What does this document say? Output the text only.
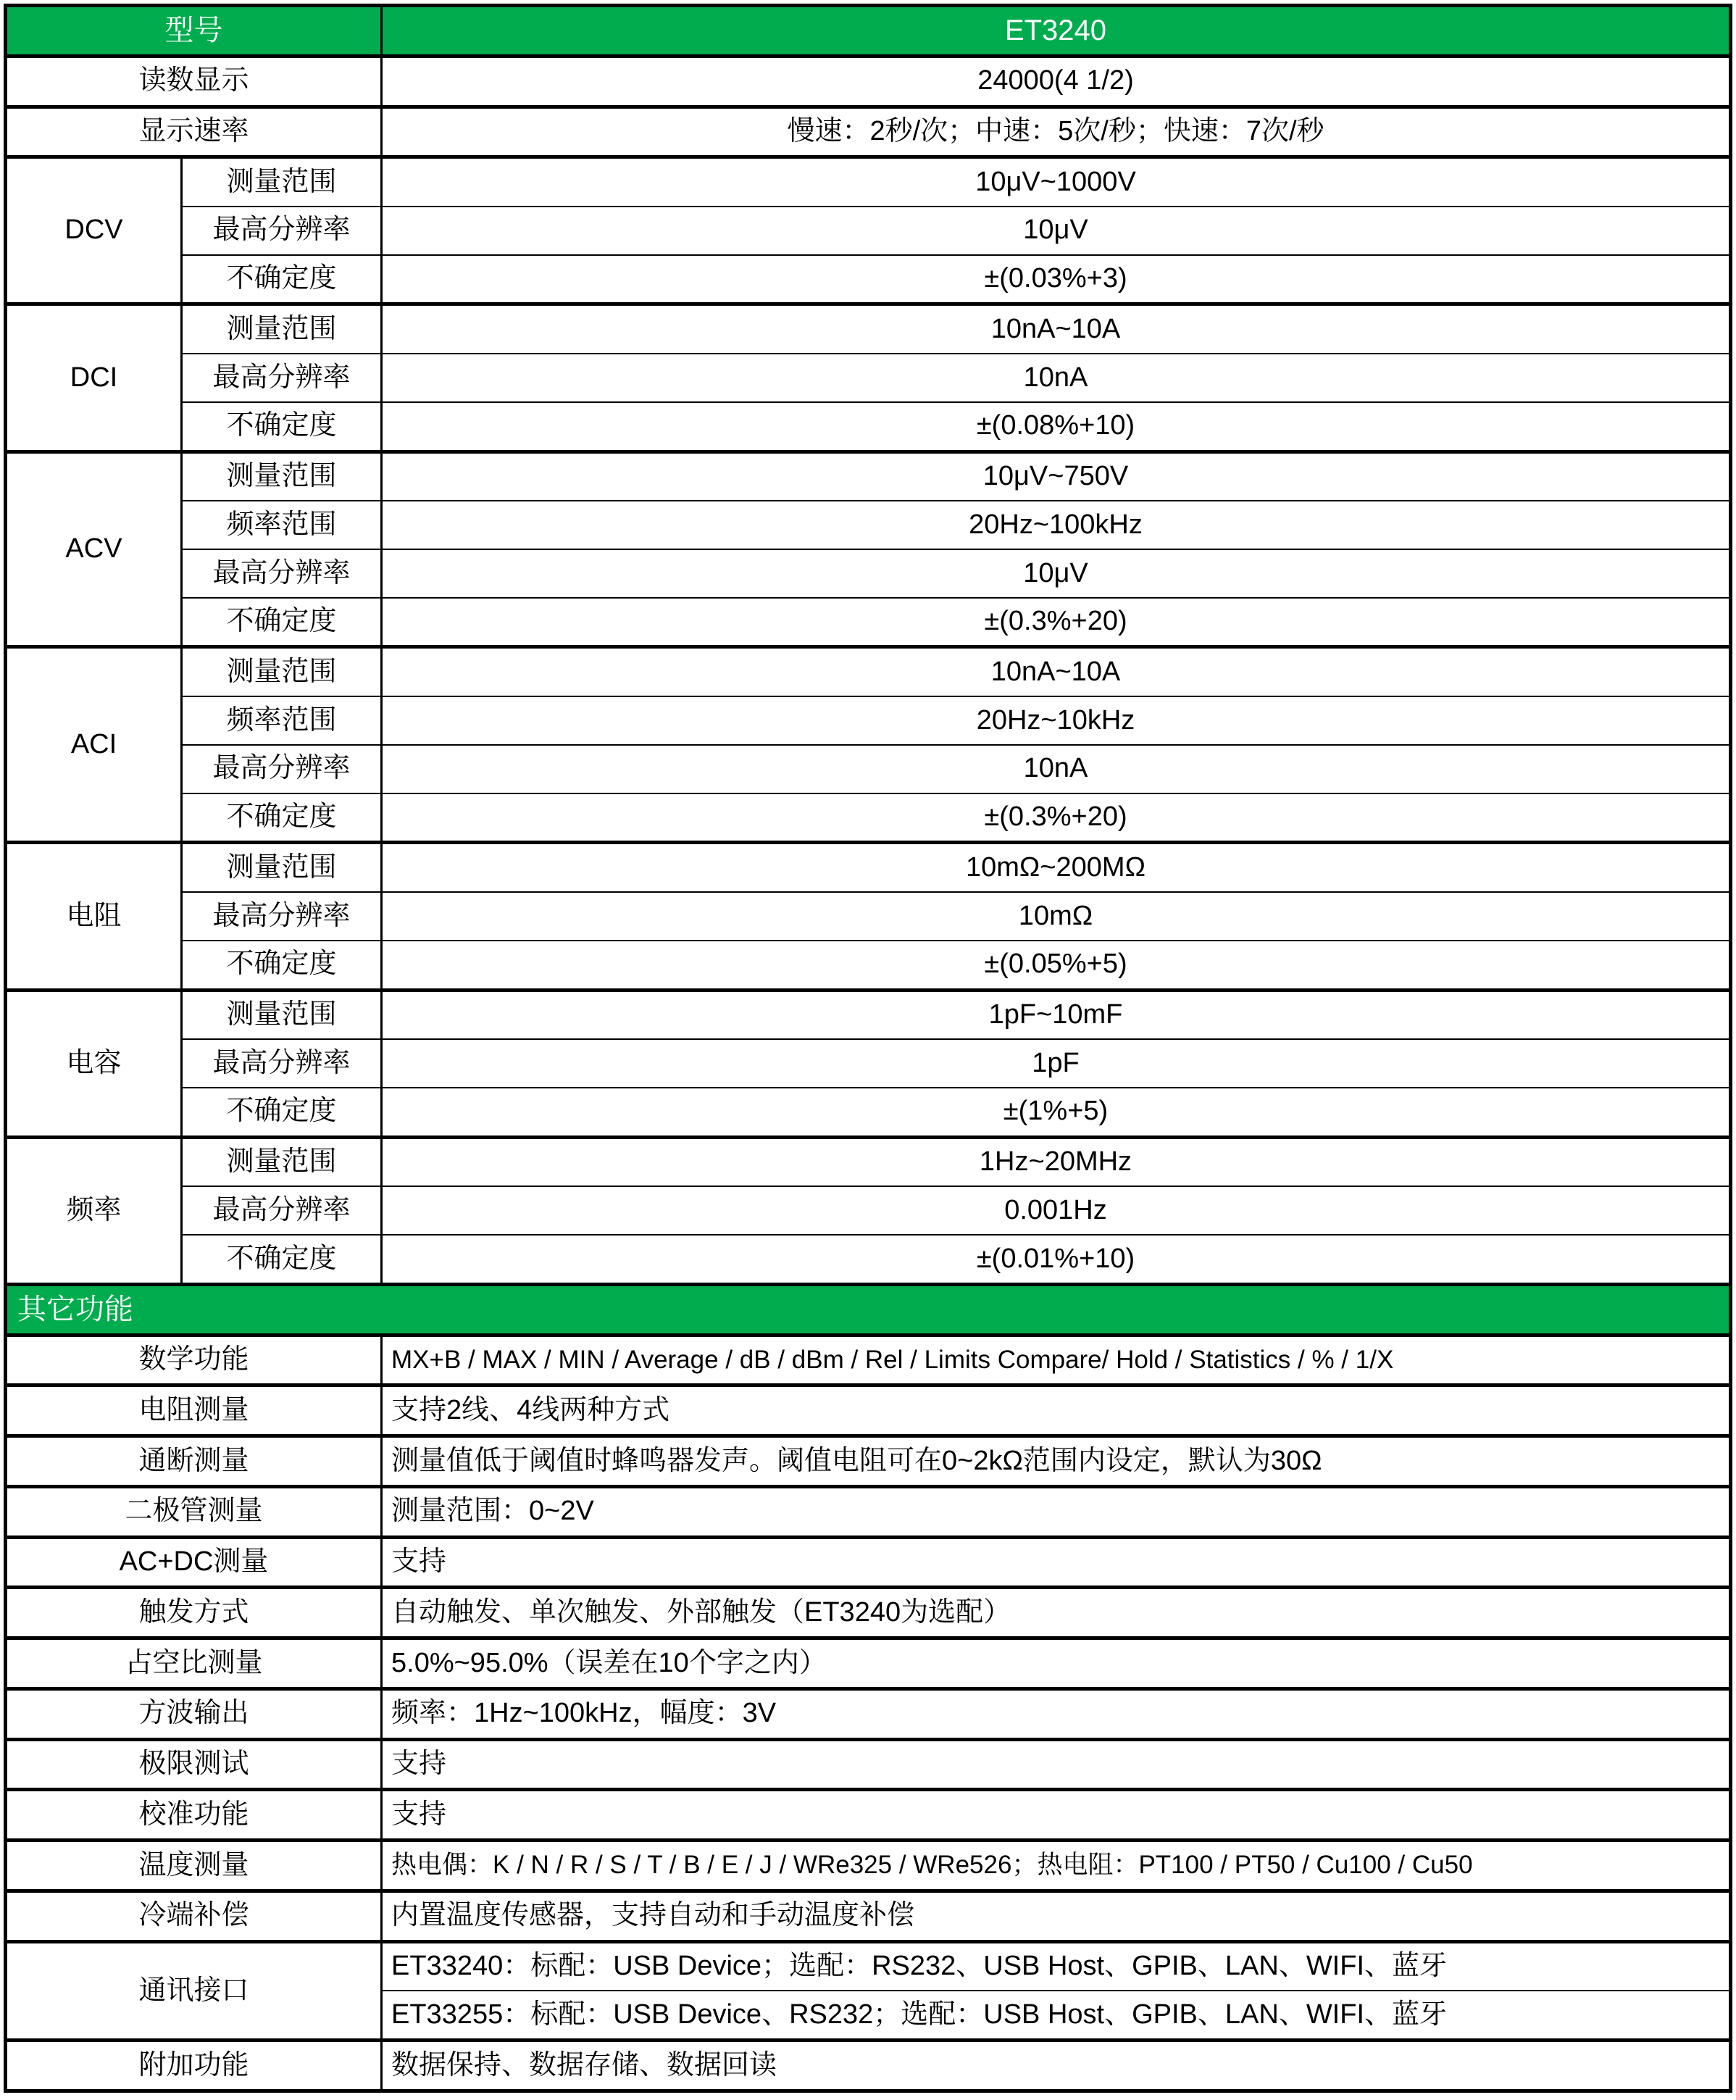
型号		ET3240
读数显示		24000(4 1/2)
显示速率		慢速：2秒/次；中速：5次/秒；快速：7次/秒
DCV	测量范围	10μV~1000V
	最高分辨率	10μV
	不确定度	±(0.03%+3)
DCI	测量范围	10nA~10A
	最高分辨率	10nA
	不确定度	±(0.08%+10)
ACV	测量范围	10μV~750V
	频率范围	20Hz~100kHz
	最高分辨率	10μV
	不确定度	±(0.3%+20)
ACI	测量范围	10nA~10A
	频率范围	20Hz~10kHz
	最高分辨率	10nA
	不确定度	±(0.3%+20)
电阻	测量范围	10mΩ~200MΩ
	最高分辨率	10mΩ
	不确定度	±(0.05%+5)
电容	测量范围	1pF~10mF
	最高分辨率	1pF
	不确定度	±(1%+5)
频率	测量范围	1Hz~20MHz
	最高分辨率	0.001Hz
	不确定度	±(0.01%+10)
其它功能		
数学功能		MX+B / MAX / MIN / Average / dB / dBm / Rel / Limits Compare/ Hold / Statistics / % / 1/X
电阻测量		支持2线、4线两种方式
通断测量		测量值低于阈值时蜂鸣器发声。阈值电阻可在0~2kΩ范围内设定，默认为30Ω
二极管测量		测量范围：0~2V
AC+DC测量		支持
触发方式		自动触发、单次触发、外部触发（ET3240为选配）
占空比测量		5.0%~95.0%（误差在10个字之内）
方波输出		频率：1Hz~100kHz，幅度：3V
极限测试		支持
校准功能		支持
温度测量		热电偶：K / N / R / S / T / B / E / J / WRe325 / WRe526；热电阻：PT100 / PT50 / Cu100 / Cu50
冷端补偿		内置温度传感器，支持自动和手动温度补偿
通讯接口		ET33240：标配：USB Device；选配：RS232、USB Host、GPIB、LAN、WIFI、蓝牙
		ET33255：标配：USB Device、RS232；选配：USB Host、GPIB、LAN、WIFI、蓝牙
附加功能		数据保持、数据存储、数据回读
